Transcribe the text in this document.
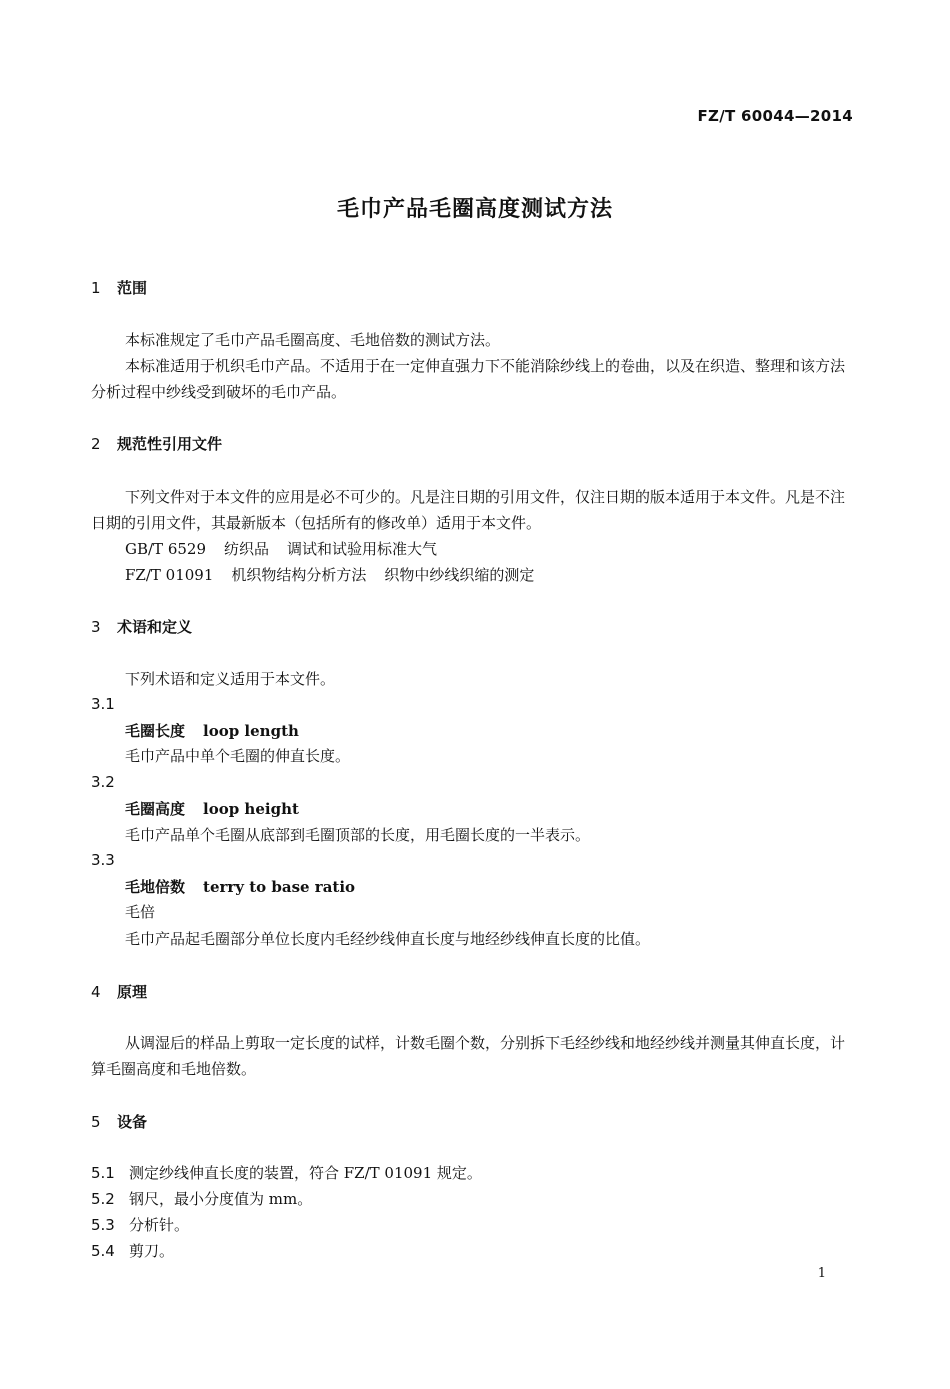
FZ/T 60044—2014
毛巾产品毛圈高度测试方法
1 范围
本标准规定了毛巾产品毛圈高度、毛地倍数的测试方法。
本标准适用于机织毛巾产品。不适用于在一定伸直强力下不能消除纱线上的卷曲，以及在织造、整理和该方法分析过程中纱线受到破坏的毛巾产品。
2 规范性引用文件
下列文件对于本文件的应用是必不可少的。凡是注日期的引用文件，仅注日期的版本适用于本文件。凡是不注日期的引用文件，其最新版本（包括所有的修改单）适用于本文件。
GB/T 6529 纺织品 调试和试验用标准大气
FZ/T 01091 机织物结构分析方法 织物中纱线织缩的测定
3 术语和定义
下列术语和定义适用于本文件。
3.1
毛圈长度 loop length
毛巾产品中单个毛圈的伸直长度。
3.2
毛圈高度 loop height
毛巾产品单个毛圈从底部到毛圈顶部的长度，用毛圈长度的一半表示。
3.3
毛地倍数 terry to base ratio
毛倍
毛巾产品起毛圈部分单位长度内毛经纱线伸直长度与地经纱线伸直长度的比值。
4 原理
从调湿后的样品上剪取一定长度的试样，计数毛圈个数，分别拆下毛经纱线和地经纱线并测量其伸直长度，计算毛圈高度和毛地倍数。
5 设备
5.1 测定纱线伸直长度的装置，符合 FZ/T 01091 规定。
5.2 钢尺，最小分度值为 mm。
5.3 分析针。
5.4 剪刀。
1
